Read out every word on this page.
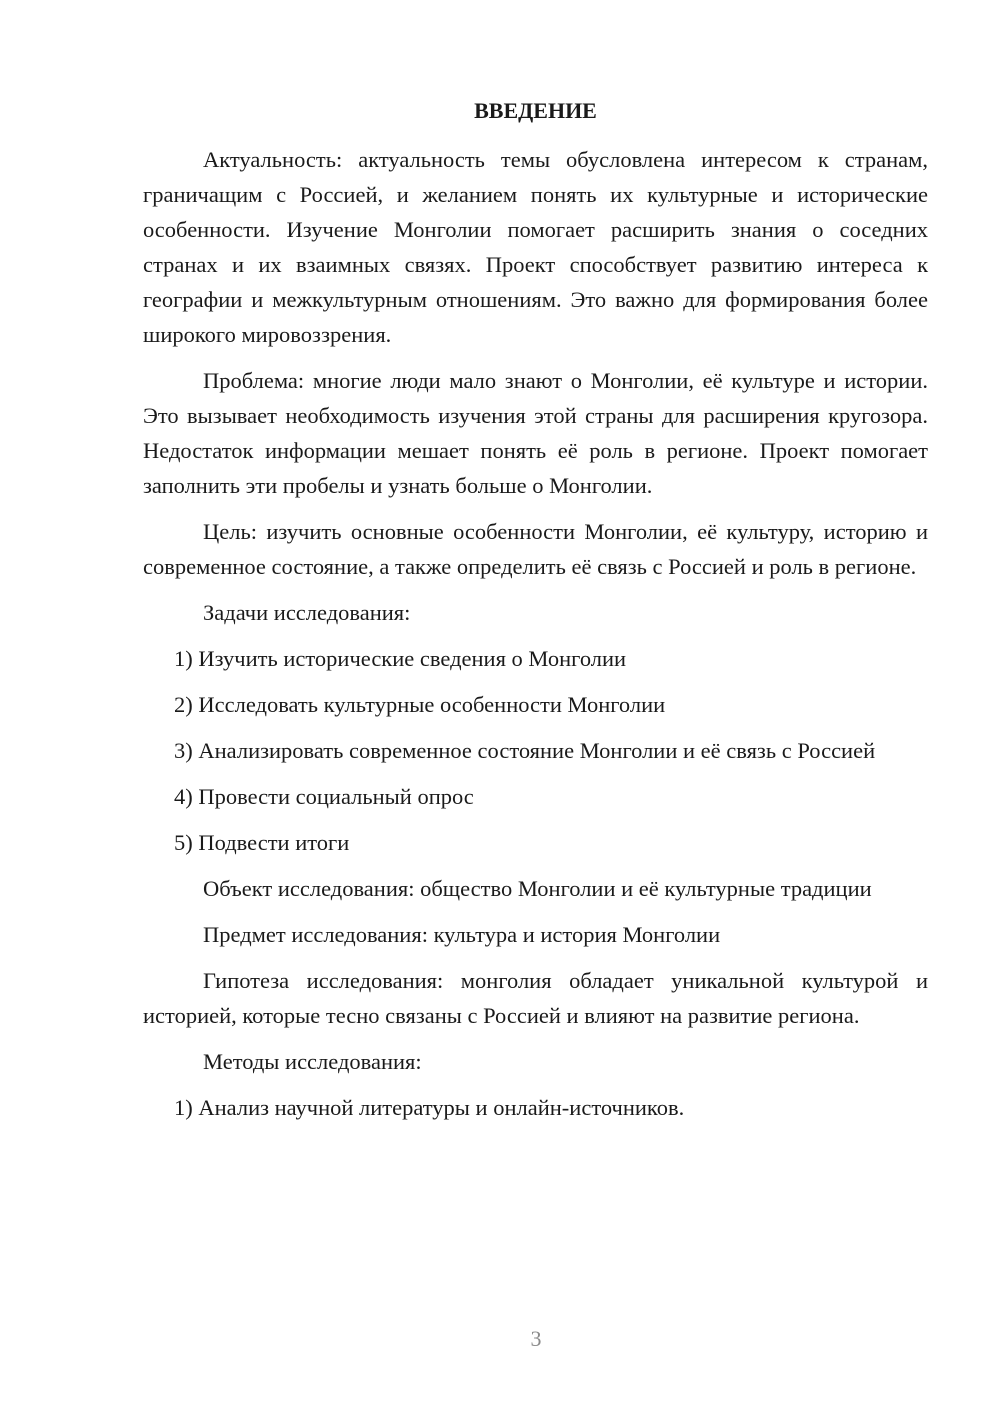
ВВЕДЕНИЕ

Актуальность: актуальность темы обусловлена интересом к странам, граничащим с Россией, и желанием понять их культурные и исторические особенности. Изучение Монголии помогает расширить знания о соседних странах и их взаимных связях. Проект способствует развитию интереса к географии и межкультурным отношениям. Это важно для формирования более широкого мировоззрения.

Проблема: многие люди мало знают о Монголии, её культуре и истории. Это вызывает необходимость изучения этой страны для расширения кругозора. Недостаток информации мешает понять её роль в регионе. Проект помогает заполнить эти пробелы и узнать больше о Монголии.

Цель: изучить основные особенности Монголии, её культуру, историю и современное состояние, а также определить её связь с Россией и роль в регионе.

Задачи исследования:

1) Изучить исторические сведения о Монголии

2) Исследовать культурные особенности Монголии

3) Анализировать современное состояние Монголии и её связь с Россией

4) Провести социальный опрос

5) Подвести итоги

Объект исследования: общество Монголии и её культурные традиции

Предмет исследования: культура и история Монголии

Гипотеза исследования: монголия обладает уникальной культурой и историей, которые тесно связаны с Россией и влияют на развитие региона.

Методы исследования:

1) Анализ научной литературы и онлайн-источников.

3
